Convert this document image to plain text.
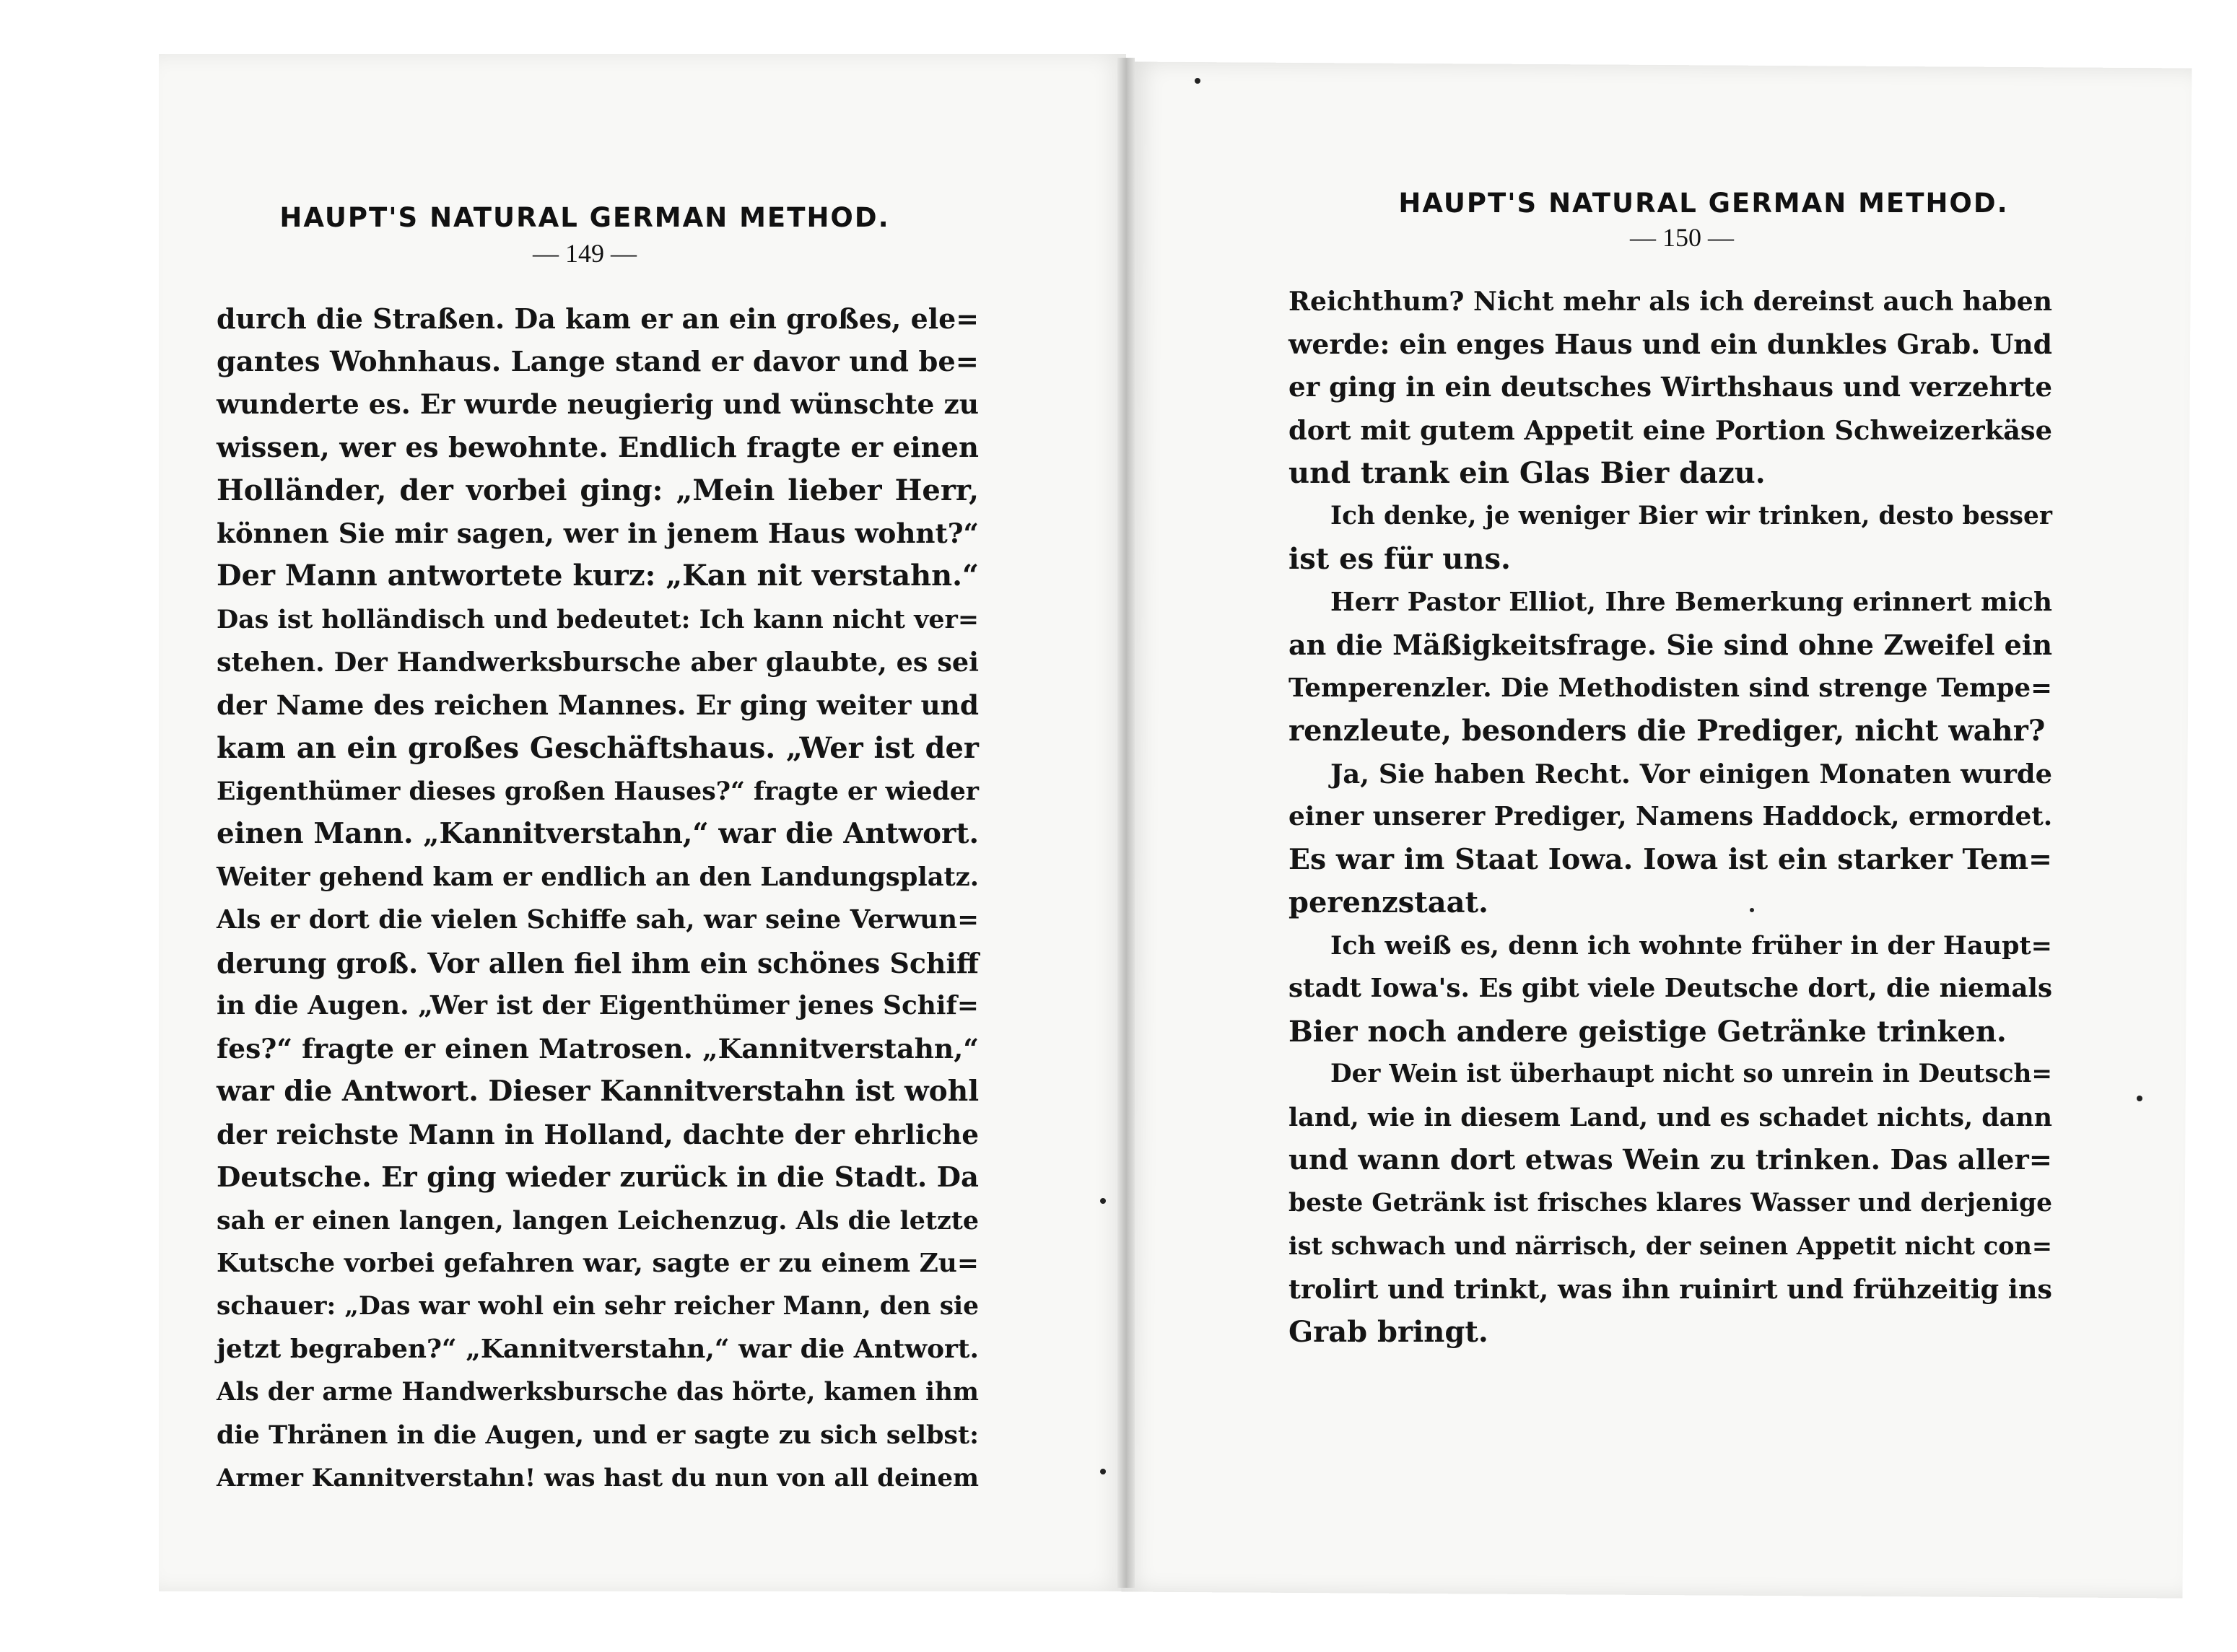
HAUPT'S NATURAL GERMAN METHOD.
— 149 —
durch die Straßen. Da kam er an ein großes, ele=
gantes Wohnhaus. Lange stand er davor und be=
wunderte es. Er wurde neugierig und wünschte zu
wissen, wer es bewohnte. Endlich fragte er einen
Holländer, der vorbei ging: „Mein lieber Herr,
können Sie mir sagen, wer in jenem Haus wohnt?“
Der Mann antwortete kurz: „Kan nit verstahn.“
Das ist holländisch und bedeutet: Ich kann nicht ver=
stehen. Der Handwerksbursche aber glaubte, es sei
der Name des reichen Mannes. Er ging weiter und
kam an ein großes Geschäftshaus. „Wer ist der
Eigenthümer dieses großen Hauses?“ fragte er wieder
einen Mann. „Kannitverstahn,“ war die Antwort.
Weiter gehend kam er endlich an den Landungsplatz.
Als er dort die vielen Schiffe sah, war seine Verwun=
derung groß. Vor allen fiel ihm ein schönes Schiff
in die Augen. „Wer ist der Eigenthümer jenes Schif=
fes?“ fragte er einen Matrosen. „Kannitverstahn,“
war die Antwort. Dieser Kannitverstahn ist wohl
der reichste Mann in Holland, dachte der ehrliche
Deutsche. Er ging wieder zurück in die Stadt. Da
sah er einen langen, langen Leichenzug. Als die letzte
Kutsche vorbei gefahren war, sagte er zu einem Zu=
schauer: „Das war wohl ein sehr reicher Mann, den sie
jetzt begraben?“ „Kannitverstahn,“ war die Antwort.
Als der arme Handwerksbursche das hörte, kamen ihm
die Thränen in die Augen, und er sagte zu sich selbst:
Armer Kannitverstahn! was hast du nun von all deinem
HAUPT'S NATURAL GERMAN METHOD.
— 150 —
Reichthum? Nicht mehr als ich dereinst auch haben
werde: ein enges Haus und ein dunkles Grab. Und
er ging in ein deutsches Wirthshaus und verzehrte
dort mit gutem Appetit eine Portion Schweizerkäse
und trank ein Glas Bier dazu.
Ich denke, je weniger Bier wir trinken, desto besser
ist es für uns.
Herr Pastor Elliot, Ihre Bemerkung erinnert mich
an die Mäßigkeitsfrage. Sie sind ohne Zweifel ein
Temperenzler. Die Methodisten sind strenge Tempe=
renzleute, besonders die Prediger, nicht wahr?
Ja, Sie haben Recht. Vor einigen Monaten wurde
einer unserer Prediger, Namens Haddock, ermordet.
Es war im Staat Iowa. Iowa ist ein starker Tem=
perenzstaat.
Ich weiß es, denn ich wohnte früher in der Haupt=
stadt Iowa's. Es gibt viele Deutsche dort, die niemals
Bier noch andere geistige Getränke trinken.
Der Wein ist überhaupt nicht so unrein in Deutsch=
land, wie in diesem Land, und es schadet nichts, dann
und wann dort etwas Wein zu trinken. Das aller=
beste Getränk ist frisches klares Wasser und derjenige
ist schwach und närrisch, der seinen Appetit nicht con=
trolirt und trinkt, was ihn ruinirt und frühzeitig ins
Grab bringt.
